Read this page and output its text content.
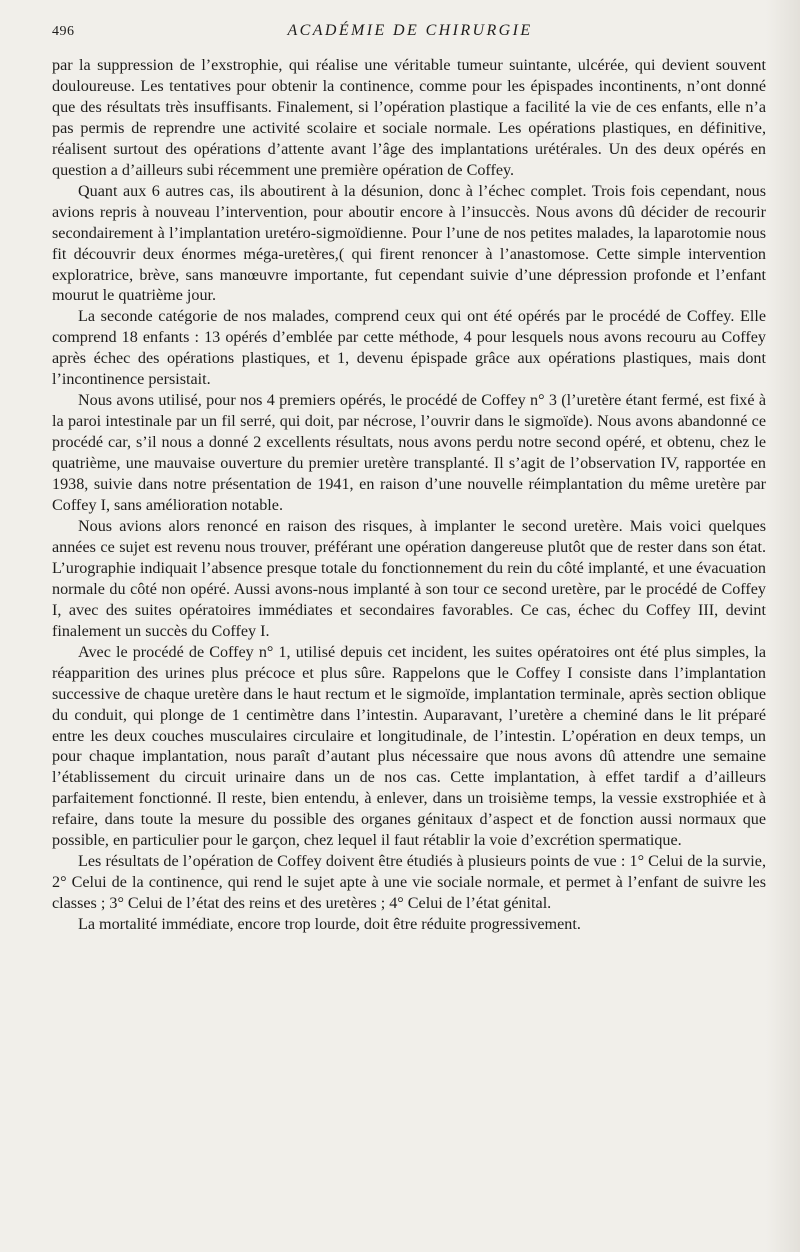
496	ACADÉMIE DE CHIRURGIE

par la suppression de l’exstrophie, qui réalise une véritable tumeur suintante, ulcérée, qui devient souvent douloureuse. Les tentatives pour obtenir la continence, comme pour les épispades incontinents, n’ont donné que des résultats très insuffisants. Finalement, si l’opération plastique a facilité la vie de ces enfants, elle n’a pas permis de reprendre une activité scolaire et sociale normale. Les opérations plastiques, en définitive, réalisent surtout des opérations d’attente avant l’âge des implantations urétérales. Un des deux opérés en question a d’ailleurs subi récemment une première opération de Coffey.

Quant aux 6 autres cas, ils aboutirent à la désunion, donc à l’échec complet. Trois fois cependant, nous avions repris à nouveau l’intervention, pour aboutir encore à l’insuccès. Nous avons dû décider de recourir secondairement à l’implantation uretéro-sigmoïdienne. Pour l’une de nos petites malades, la laparotomie nous fit découvrir deux énormes méga-uretères,( qui firent renoncer à l’anastomose. Cette simple intervention exploratrice, brève, sans manœuvre importante, fut cependant suivie d’une dépression profonde et l’enfant mourut le quatrième jour.

La seconde catégorie de nos malades, comprend ceux qui ont été opérés par le procédé de Coffey. Elle comprend 18 enfants : 13 opérés d’emblée par cette méthode, 4 pour lesquels nous avons recouru au Coffey après échec des opérations plastiques, et 1, devenu épispade grâce aux opérations plastiques, mais dont l’incontinence persistait.

Nous avons utilisé, pour nos 4 premiers opérés, le procédé de Coffey n° 3 (l’uretère étant fermé, est fixé à la paroi intestinale par un fil serré, qui doit, par nécrose, l’ouvrir dans le sigmoïde). Nous avons abandonné ce procédé car, s’il nous a donné 2 excellents résultats, nous avons perdu notre second opéré, et obtenu, chez le quatrième, une mauvaise ouverture du premier uretère transplanté. Il s’agit de l’observation IV, rapportée en 1938, suivie dans notre présentation de 1941, en raison d’une nouvelle réimplantation du même uretère par Coffey I, sans amélioration notable.

Nous avions alors renoncé en raison des risques, à implanter le second uretère. Mais voici quelques années ce sujet est revenu nous trouver, préférant une opération dangereuse plutôt que de rester dans son état. L’urographie indiquait l’absence presque totale du fonctionnement du rein du côté implanté, et une évacuation normale du côté non opéré. Aussi avons-nous implanté à son tour ce second uretère, par le procédé de Coffey I, avec des suites opératoires immédiates et secondaires favorables. Ce cas, échec du Coffey III, devint finalement un succès du Coffey I.

Avec le procédé de Coffey n° 1, utilisé depuis cet incident, les suites opératoires ont été plus simples, la réapparition des urines plus précoce et plus sûre. Rappelons que le Coffey I consiste dans l’implantation successive de chaque uretère dans le haut rectum et le sigmoïde, implantation terminale, après section oblique du conduit, qui plonge de 1 centimètre dans l’intestin. Auparavant, l’uretère a cheminé dans le lit préparé entre les deux couches musculaires circulaire et longitudinale, de l’intestin. L’opération en deux temps, un pour chaque implantation, nous paraît d’autant plus nécessaire que nous avons dû attendre une semaine l’établissement du circuit urinaire dans un de nos cas. Cette implantation, à effet tardif a d’ailleurs parfaitement fonctionné. Il reste, bien entendu, à enlever, dans un troisième temps, la vessie exstrophiée et à refaire, dans toute la mesure du possible des organes génitaux d’aspect et de fonction aussi normaux que possible, en particulier pour le garçon, chez lequel il faut rétablir la voie d’excrétion spermatique.

Les résultats de l’opération de Coffey doivent être étudiés à plusieurs points de vue : 1° Celui de la survie, 2° Celui de la continence, qui rend le sujet apte à une vie sociale normale, et permet à l’enfant de suivre les classes ; 3° Celui de l’état des reins et des uretères ; 4° Celui de l’état génital.

La mortalité immédiate, encore trop lourde, doit être réduite progressivement.
